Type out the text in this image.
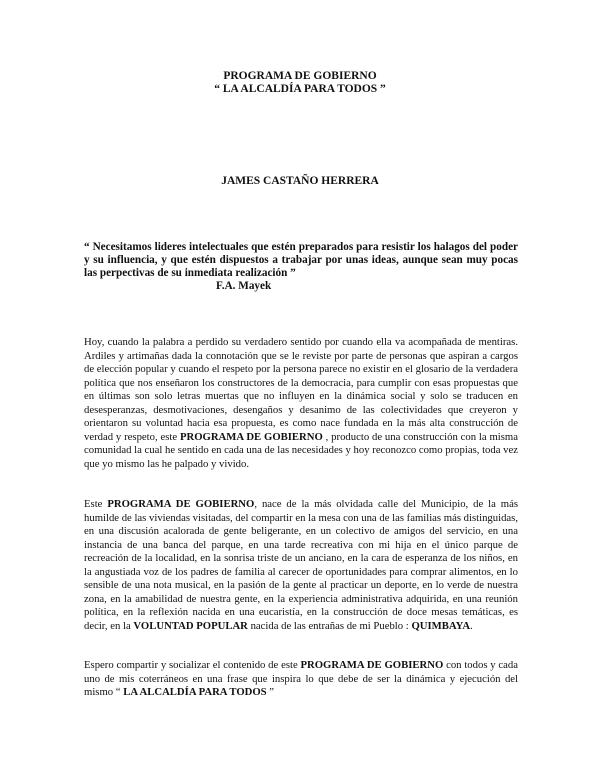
PROGRAMA DE GOBIERNO
“ LA ALCALDÍA PARA TODOS ”
JAMES CASTAÑO HERRERA
“ Necesitamos lideres intelectuales que estén preparados para resistir los halagos del poder y su influencia, y que estén dispuestos a trabajar por unas ideas, aunque sean muy pocas las perpectivas de su inmediata realización ”
F.A. Mayek

Hoy, cuando la palabra a perdido su verdadero sentido por cuando ella va acompañada de mentiras. Ardiles y artimañas dada la connotación que se le reviste por parte de personas que aspiran a cargos de elección popular y cuando el respeto por la persona parece no existir en el glosario de la verdadera política que nos enseñaron los constructores de la democracia, para cumplir con esas propuestas que en últimas son solo letras muertas que no influyen en la dinámica social y solo se traducen en desesperanzas, desmotivaciones, desengaños y desanimo de las colectividades que creyeron y orientaron su voluntad hacia esa propuesta, es como nace fundada en la más alta construcción de verdad y respeto, este PROGRAMA DE GOBIERNO , producto de una construcción con la misma comunidad la cual he sentido en cada una de las necesidades y hoy reconozco como propias, toda vez que yo mismo las he palpado y vivido.

Este PROGRAMA DE GOBIERNO, nace de la más olvidada calle del Municipio, de la más humilde de las viviendas visitadas, del compartir en la mesa con una de las familias más distinguidas, en una discusión acalorada de gente beligerante, en un colectivo de amigos del servicio, en una instancia de una banca del parque, en una tarde recreativa con mi hija en el único parque de recreación de la localidad, en la sonrisa triste de un anciano, en la cara de esperanza de los niños, en la angustiada voz de los padres de familia al carecer de oportunidades para comprar alimentos, en lo sensible de una nota musical, en la pasión de la gente al practicar un deporte, en lo verde de nuestra zona, en la amabilidad de nuestra gente, en la experiencia administrativa adquirida, en una reunión política, en la reflexión nacida en una eucaristía, en la construcción de doce mesas temáticas, es decir, en la VOLUNTAD POPULAR nacida de las entrañas de mi Pueblo : QUIMBAYA.

Espero compartir y socializar el contenido de este PROGRAMA DE GOBIERNO con todos y cada uno de mis coterráneos en una frase que inspira lo que debe de ser la dinámica y ejecución del mismo “ LA ALCALDÍA PARA TODOS ”
